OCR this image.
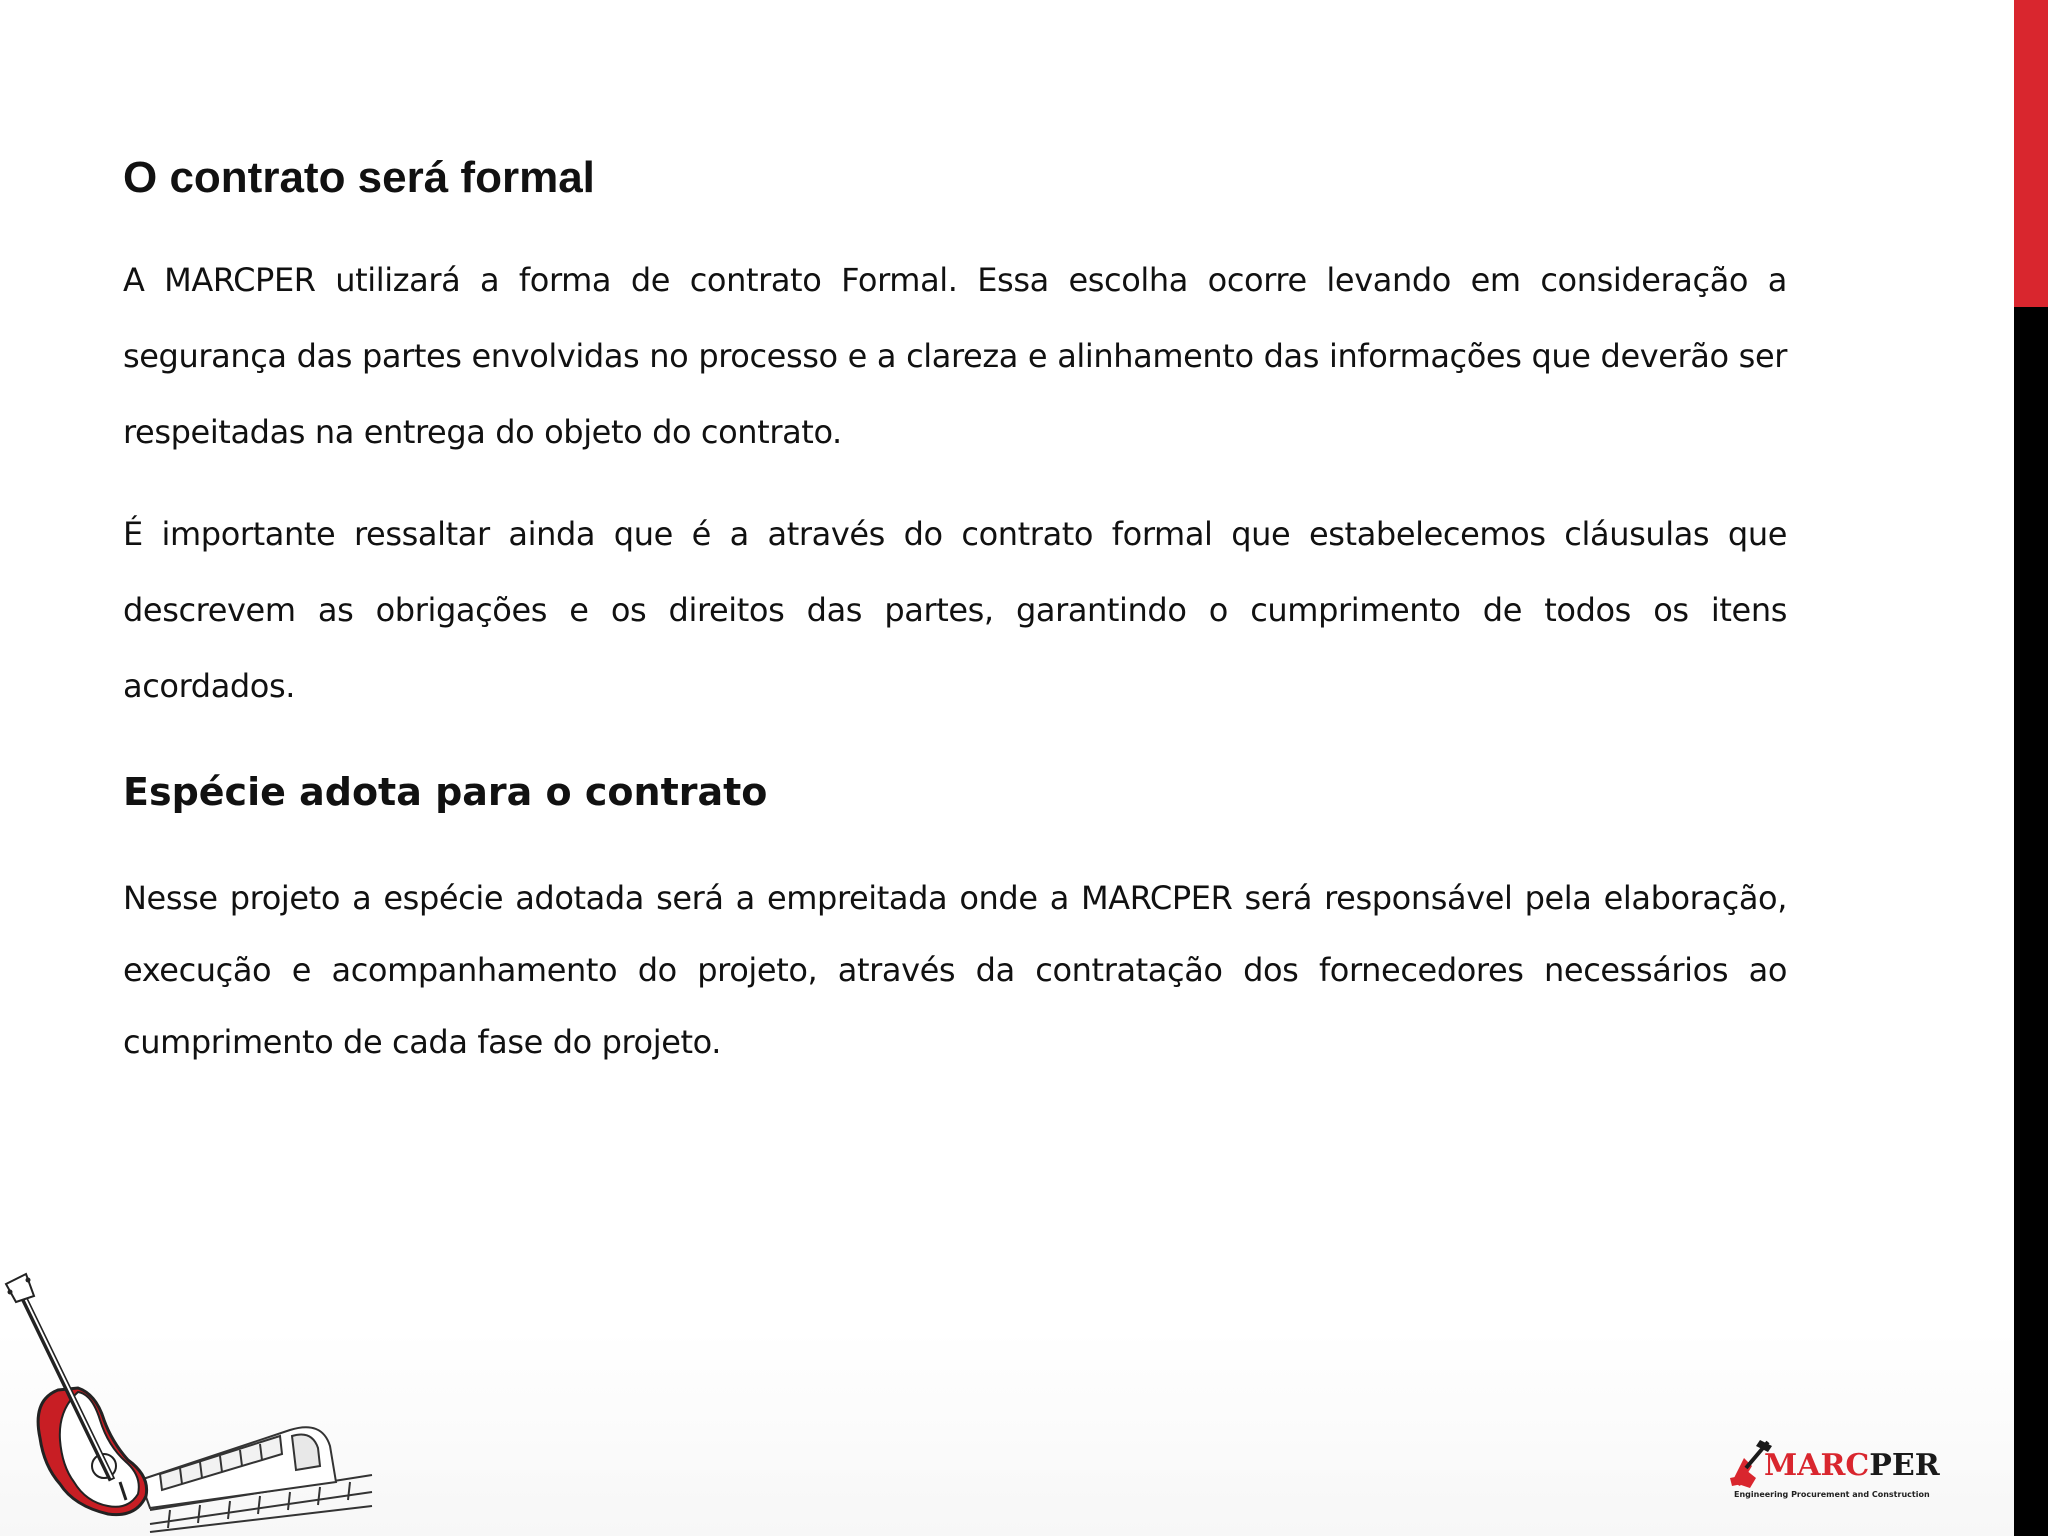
O contrato será formal

A MARCPER utilizará a forma de contrato Formal. Essa escolha ocorre levando em consideração a segurança das partes envolvidas no processo e a clareza e alinhamento das informações que deverão ser respeitadas na entrega do objeto do contrato.

É importante ressaltar ainda que é a através do contrato formal que estabelecemos cláusulas que descrevem as obrigações e os direitos das partes, garantindo o cumprimento de todos os itens acordados.

Espécie adota para o contrato

Nesse projeto a espécie adotada será a empreitada onde a MARCPER será responsável pela elaboração, execução e acompanhamento do projeto, através da contratação dos fornecedores necessários ao cumprimento de cada fase do projeto.

MARCPER
Engineering Procurement and Construction
